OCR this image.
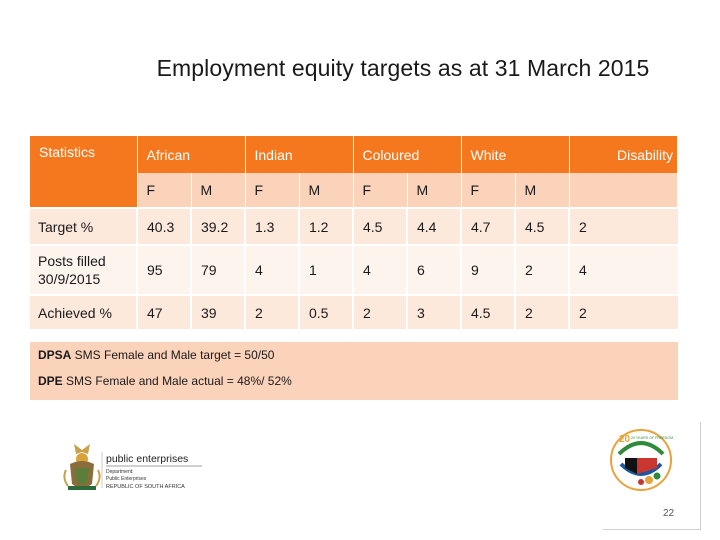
Employment equity targets as at 31 March 2015
Statistics	African		Indian		Coloured		White		Disability
	F	M	F	M	F	M	F	M	
Target %	40.3	39.2	1.3	1.2	4.5	4.4	4.7	4.5	2
Posts filled 30/9/2015	95	79	4	1	4	6	9	2	4
Achieved %	47	39	2	0.5	2	3	4.5	2	2
DPSA SMS Female and Male target = 50/50
DPE SMS Female and Male actual = 48%/ 52%
public enterprises
Department:
Public Enterprises
REPUBLIC OF SOUTH AFRICA
20 20 YEARS OF FREEDOM
22
